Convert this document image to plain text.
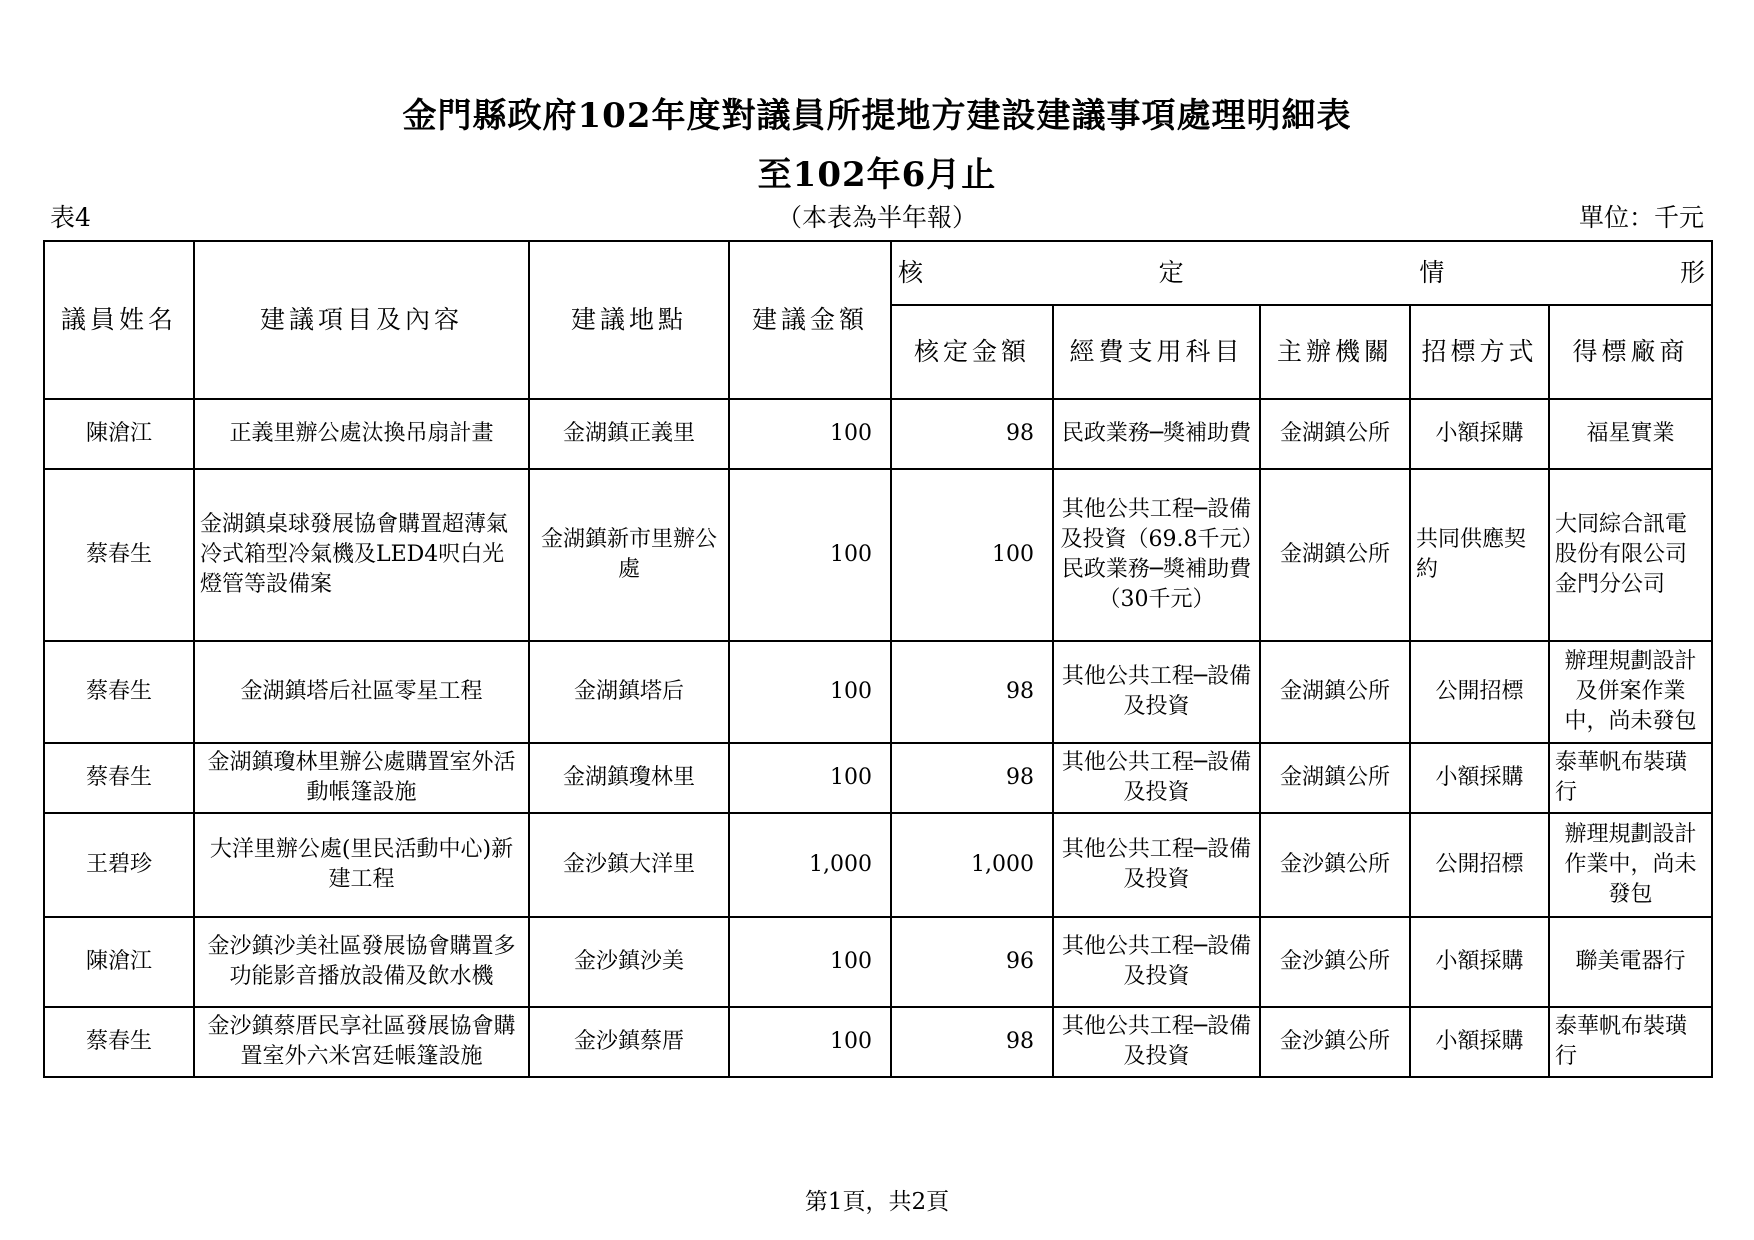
金門縣政府102年度對議員所提地方建設建議事項處理明細表
至102年6月止
（本表為半年報）
表4	單位：千元
議員姓名	建議項目及內容	建議地點	建議金額	核 定 情 形				

				核定金額	經費支用科目	主辦機關	招標方式	得標廠商
陳滄江	正義里辦公處汰換吊扇計畫	金湖鎮正義里	100	98	民政業務─獎補助費	金湖鎮公所	小額採購	福星實業
蔡春生	金湖鎮桌球發展協會購置超薄氣冷式箱型冷氣機及LED4呎白光燈管等設備案	金湖鎮新市里辦公處	100	100	其他公共工程─設備及投資（69.8千元）民政業務─獎補助費（30千元）	金湖鎮公所	共同供應契約	大同綜合訊電股份有限公司金門分公司
蔡春生	金湖鎮塔后社區零星工程	金湖鎮塔后	100	98	其他公共工程─設備及投資	金湖鎮公所	公開招標	辦理規劃設計及併案作業中，尚未發包
蔡春生	金湖鎮瓊林里辦公處購置室外活動帳篷設施	金湖鎮瓊林里	100	98	其他公共工程─設備及投資	金湖鎮公所	小額採購	泰華帆布裝璜行
王碧珍	大洋里辦公處(里民活動中心)新建工程	金沙鎮大洋里	1,000	1,000	其他公共工程─設備及投資	金沙鎮公所	公開招標	辦理規劃設計作業中，尚未發包
陳滄江	金沙鎮沙美社區發展協會購置多功能影音播放設備及飲水機	金沙鎮沙美	100	96	其他公共工程─設備及投資	金沙鎮公所	小額採購	聯美電器行
蔡春生	金沙鎮蔡厝民享社區發展協會購置室外六米宮廷帳篷設施	金沙鎮蔡厝	100	98	其他公共工程─設備及投資	金沙鎮公所	小額採購	泰華帆布裝璜行
第1頁，共2頁
